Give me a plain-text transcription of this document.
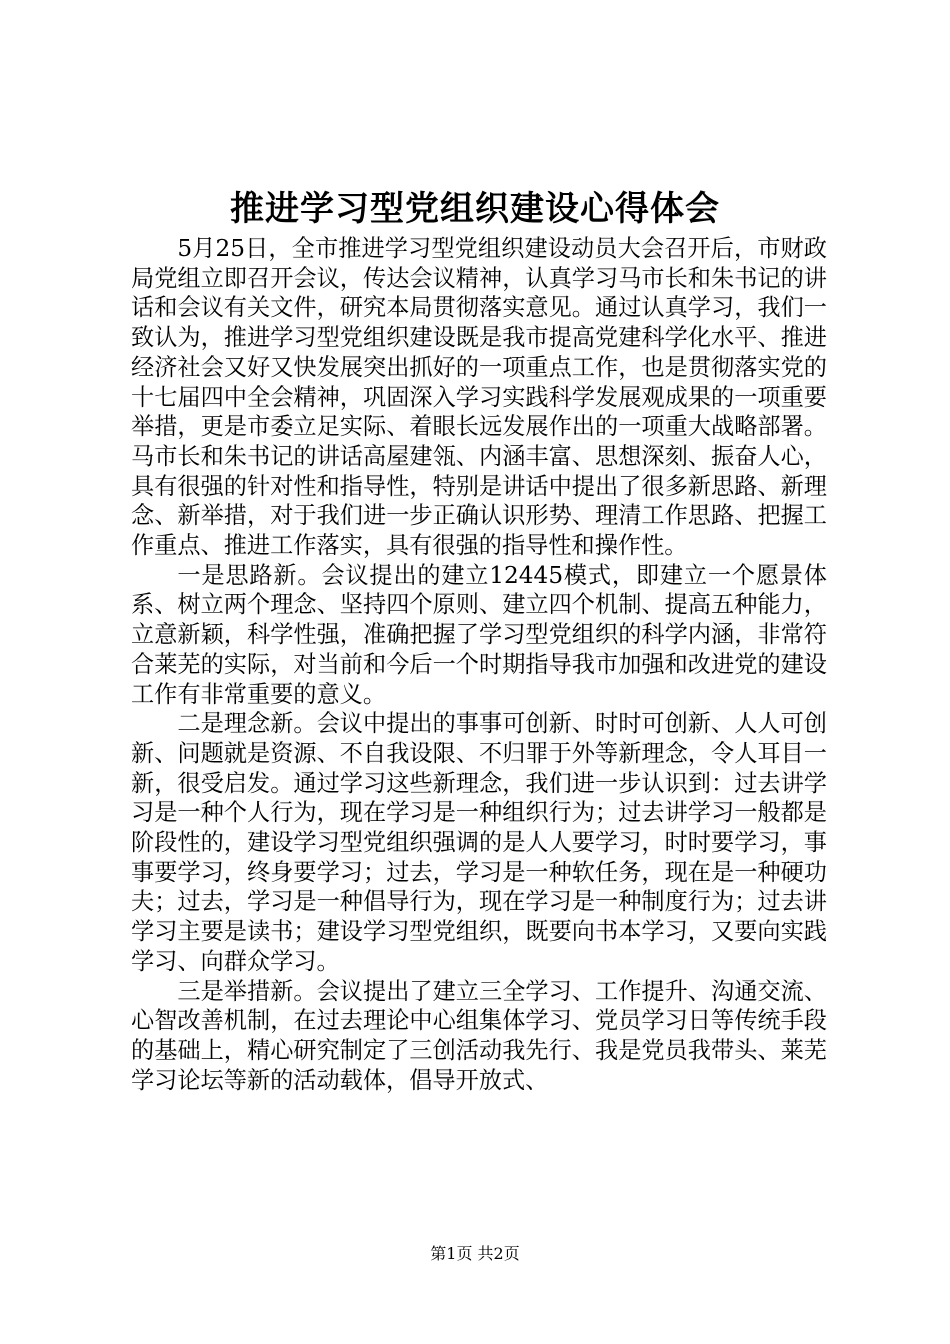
推进学习型党组织建设心得体会

5月25日，全市推进学习型党组织建设动员大会召开后，市财政局党组立即召开会议，传达会议精神，认真学习马市长和朱书记的讲话和会议有关文件，研究本局贯彻落实意见。通过认真学习，我们一致认为，推进学习型党组织建设既是我市提高党建科学化水平、推进经济社会又好又快发展突出抓好的一项重点工作，也是贯彻落实党的十七届四中全会精神，巩固深入学习实践科学发展观成果的一项重要举措，更是市委立足实际、着眼长远发展作出的一项重大战略部署。马市长和朱书记的讲话高屋建瓴、内涵丰富、思想深刻、振奋人心，具有很强的针对性和指导性，特别是讲话中提出了很多新思路、新理念、新举措，对于我们进一步正确认识形势、理清工作思路、把握工作重点、推进工作落实，具有很强的指导性和操作性。

一是思路新。会议提出的建立12445模式，即建立一个愿景体系、树立两个理念、坚持四个原则、建立四个机制、提高五种能力，立意新颖，科学性强，准确把握了学习型党组织的科学内涵，非常符合莱芜的实际，对当前和今后一个时期指导我市加强和改进党的建设工作有非常重要的意义。

二是理念新。会议中提出的事事可创新、时时可创新、人人可创新、问题就是资源、不自我设限、不归罪于外等新理念，令人耳目一新，很受启发。通过学习这些新理念，我们进一步认识到：过去讲学习是一种个人行为，现在学习是一种组织行为；过去讲学习一般都是阶段性的，建设学习型党组织强调的是人人要学习，时时要学习，事事要学习，终身要学习；过去，学习是一种软任务，现在是一种硬功夫；过去，学习是一种倡导行为，现在学习是一种制度行为；过去讲学习主要是读书；建设学习型党组织，既要向书本学习，又要向实践学习、向群众学习。

三是举措新。会议提出了建立三全学习、工作提升、沟通交流、心智改善机制，在过去理论中心组集体学习、党员学习日等传统手段的基础上，精心研究制定了三创活动我先行、我是党员我带头、莱芜学习论坛等新的活动载体，倡导开放式、

第1页 共2页
